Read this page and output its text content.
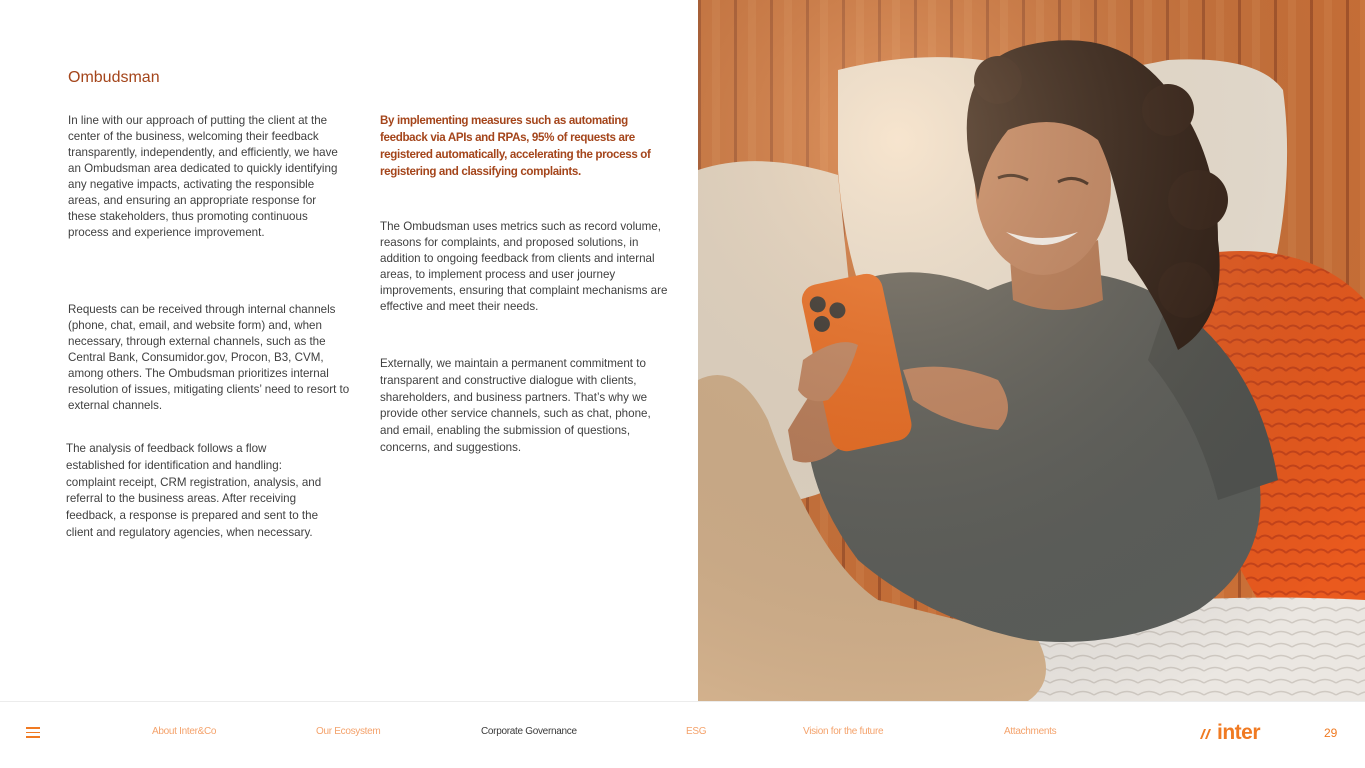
Ombudsman

In line with our approach of putting the client at the center of the business, welcoming their feedback transparently, independently, and efficiently, we have an Ombudsman area dedicated to quickly identifying any negative impacts, activating the responsible areas, and ensuring an appropriate response for these stakeholders, thus promoting continuous process and experience improvement.

Requests can be received through internal channels (phone, chat, email, and website form) and, when necessary, through external channels, such as the Central Bank, Consumidor.gov, Procon, B3, CVM, among others. The Ombudsman prioritizes internal resolution of issues, mitigating clients’ need to resort to external channels.

The analysis of feedback follows a flow established for identification and handling: complaint receipt, CRM registration, analysis, and referral to the business areas. After receiving feedback, a response is prepared and sent to the client and regulatory agencies, when necessary.

By implementing measures such as automating feedback via APIs and RPAs, 95% of requests are registered automatically, accelerating the process of registering and classifying complaints.

The Ombudsman uses metrics such as record volume, reasons for complaints, and proposed solutions, in addition to ongoing feedback from clients and internal areas, to implement process and user journey improvements, ensuring that complaint mechanisms are effective and meet their needs.

Externally, we maintain a permanent commitment to transparent and constructive dialogue with clients, shareholders, and business partners. That’s why we provide other service channels, such as chat, phone, and email, enabling the submission of questions, concerns, and suggestions.

About Inter&Co	Our Ecosystem	Corporate Governance	ESG	Vision for the future	Attachments	inter	29
